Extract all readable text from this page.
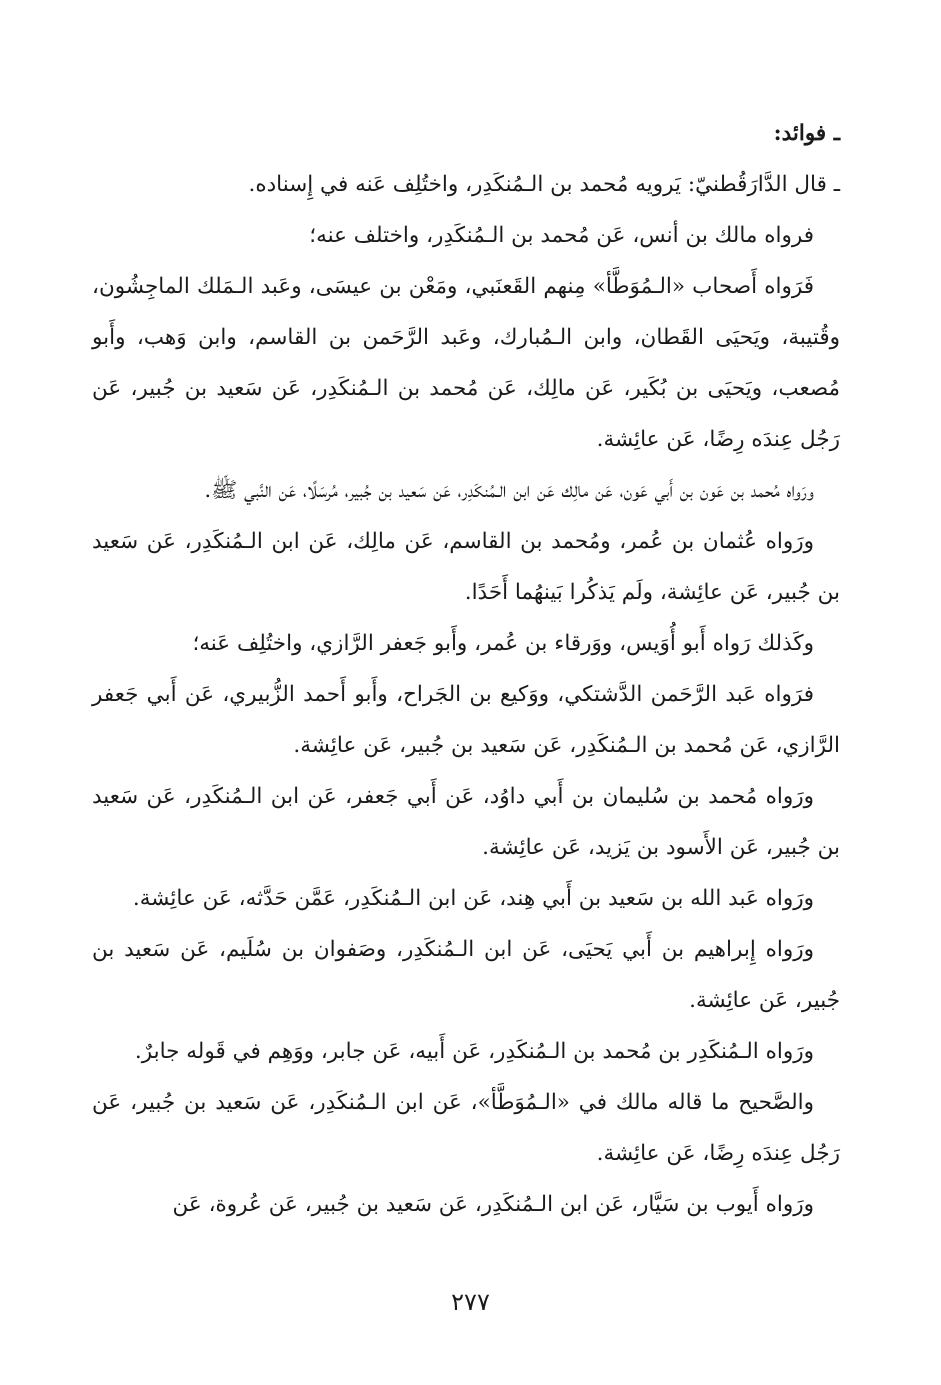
ـ فوائد:

ـ قال الدَّارَقُطنيّ: يَرويه مُحمد بن الـمُنكَدِر، واختُلِف عَنه في إِسناده.

فرواه مالك بن أنس، عَن مُحمد بن الـمُنكَدِر، واختلف عنه؛

فَرَواه أَصحاب «الـمُوَطَّأ» مِنهم القَعنَبي، ومَعْن بن عيسَى، وعَبد الـمَلك الماجِشُون، وقُتيبة، ويَحيَى القَطان، وابن الـمُبارك، وعَبد الرَّحَمن بن القاسم، وابن وَهب، وأَبو مُصعب، ويَحيَى بن بُكَير، عَن مالِك، عَن مُحمد بن الـمُنكَدِر، عَن سَعيد بن جُبير، عَن رَجُل عِندَه رِضًا، عَن عائِشة.

ورَواه مُحمد بن عَون بن أَبي عَون، عَن مالِك عَن ابن الـمُنكَدِر، عَن سَعيد بن جُبير، مُرسَلًا، عَن النَّبي ﷺ.

ورَواه عُثمان بن عُمر، ومُحمد بن القاسم، عَن مالِك، عَن ابن الـمُنكَدِر، عَن سَعيد بن جُبير، عَن عائِشة، ولَم يَذكُرا بَينهُما أَحَدًا.

وكَذلك رَواه أَبو أُوَيس، ووَرقاء بن عُمر، وأَبو جَعفر الرَّازي، واختُلِف عَنه؛

فرَواه عَبد الرَّحَمن الدَّشتكي، ووَكيع بن الجَراح، وأَبو أَحمد الزُّبيري، عَن أَبي جَعفر الرَّازي، عَن مُحمد بن الـمُنكَدِر، عَن سَعيد بن جُبير، عَن عائِشة.

ورَواه مُحمد بن سُليمان بن أَبي داوُد، عَن أَبي جَعفر، عَن ابن الـمُنكَدِر، عَن سَعيد بن جُبير، عَن الأَسود بن يَزيد، عَن عائِشة.

ورَواه عَبد الله بن سَعيد بن أَبي هِند، عَن ابن الـمُنكَدِر، عَمَّن حَدَّثه، عَن عائِشة.

ورَواه إِبراهيم بن أَبي يَحيَى، عَن ابن الـمُنكَدِر، وصَفوان بن سُلَيم، عَن سَعيد بن جُبير، عَن عائِشة.

ورَواه الـمُنكَدِر بن مُحمد بن الـمُنكَدِر، عَن أَبيه، عَن جابر، ووَهِم في قَوله جابرٌ.

والصَّحيح ما قاله مالك في «الـمُوَطَّأ»، عَن ابن الـمُنكَدِر، عَن سَعيد بن جُبير، عَن رَجُل عِندَه رِضًا، عَن عائِشة.

ورَواه أَيوب بن سَيَّار، عَن ابن الـمُنكَدِر، عَن سَعيد بن جُبير، عَن عُروة، عَن

٢٧٧
